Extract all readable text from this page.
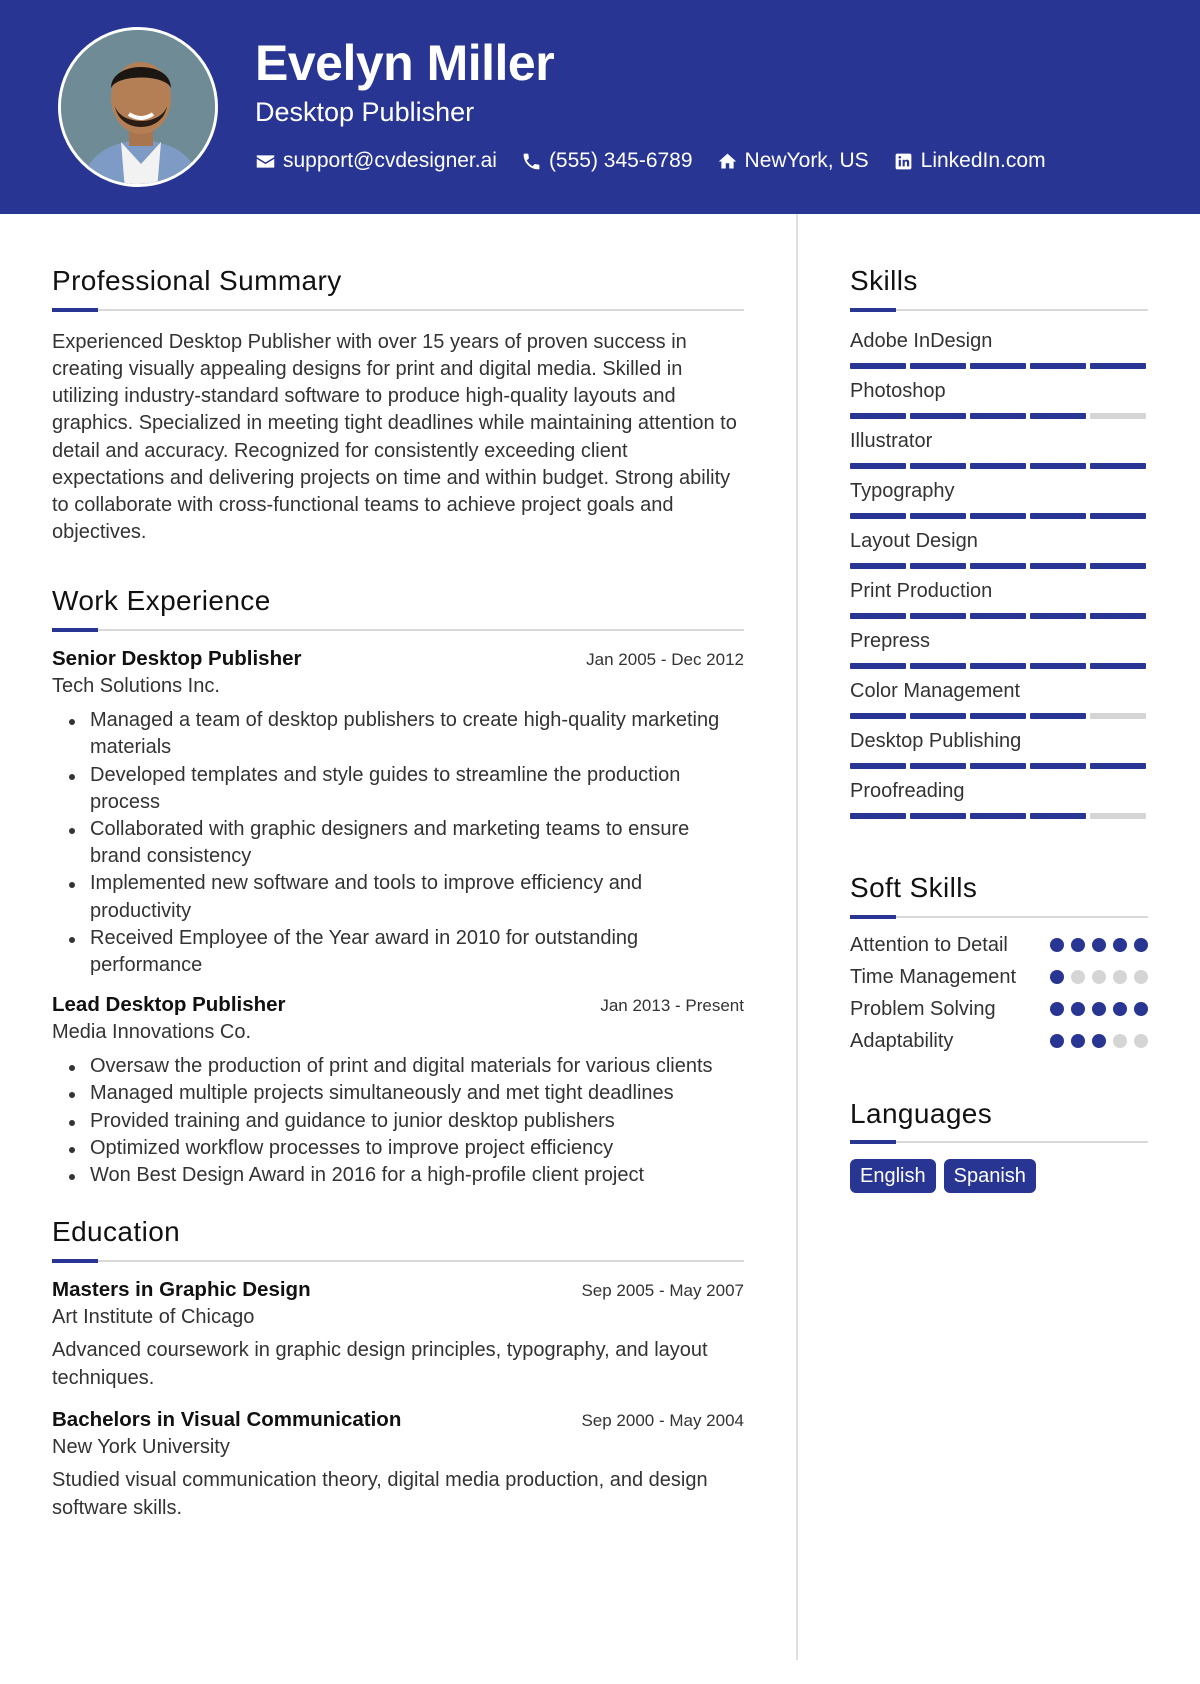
Evelyn Miller
Desktop Publisher
support@cvdesigner.ai (555) 345-6789 NewYork, US LinkedIn.com
Professional Summary

Experienced Desktop Publisher with over 15 years of proven success in creating visually appealing designs for print and digital media. Skilled in utilizing industry-standard software to produce high-quality layouts and graphics. Specialized in meeting tight deadlines while maintaining attention to detail and accuracy. Recognized for consistently exceeding client expectations and delivering projects on time and within budget. Strong ability to collaborate with cross-functional teams to achieve project goals and objectives.

Work Experience
Senior Desktop Publisher	Jan 2005 - Dec 2012
Tech Solutions Inc.
Managed a team of desktop publishers to create high-quality marketing materials
Developed templates and style guides to streamline the production process
Collaborated with graphic designers and marketing teams to ensure brand consistency
Implemented new software and tools to improve efficiency and productivity
Received Employee of the Year award in 2010 for outstanding performance
Lead Desktop Publisher	Jan 2013 - Present
Media Innovations Co.
Oversaw the production of print and digital materials for various clients
Managed multiple projects simultaneously and met tight deadlines
Provided training and guidance to junior desktop publishers
Optimized workflow processes to improve project efficiency
Won Best Design Award in 2016 for a high-profile client project
Education
Masters in Graphic Design	Sep 2005 - May 2007
Art Institute of Chicago

Advanced coursework in graphic design principles, typography, and layout techniques.

Bachelors in Visual Communication	Sep 2000 - May 2004
New York University

Studied visual communication theory, digital media production, and design software skills.

Skills
Adobe InDesign
Photoshop
Illustrator
Typography
Layout Design
Print Production
Prepress
Color Management
Desktop Publishing
Proofreading
Soft Skills
Attention to Detail
Time Management
Problem Solving
Adaptability
Languages
English	Spanish
